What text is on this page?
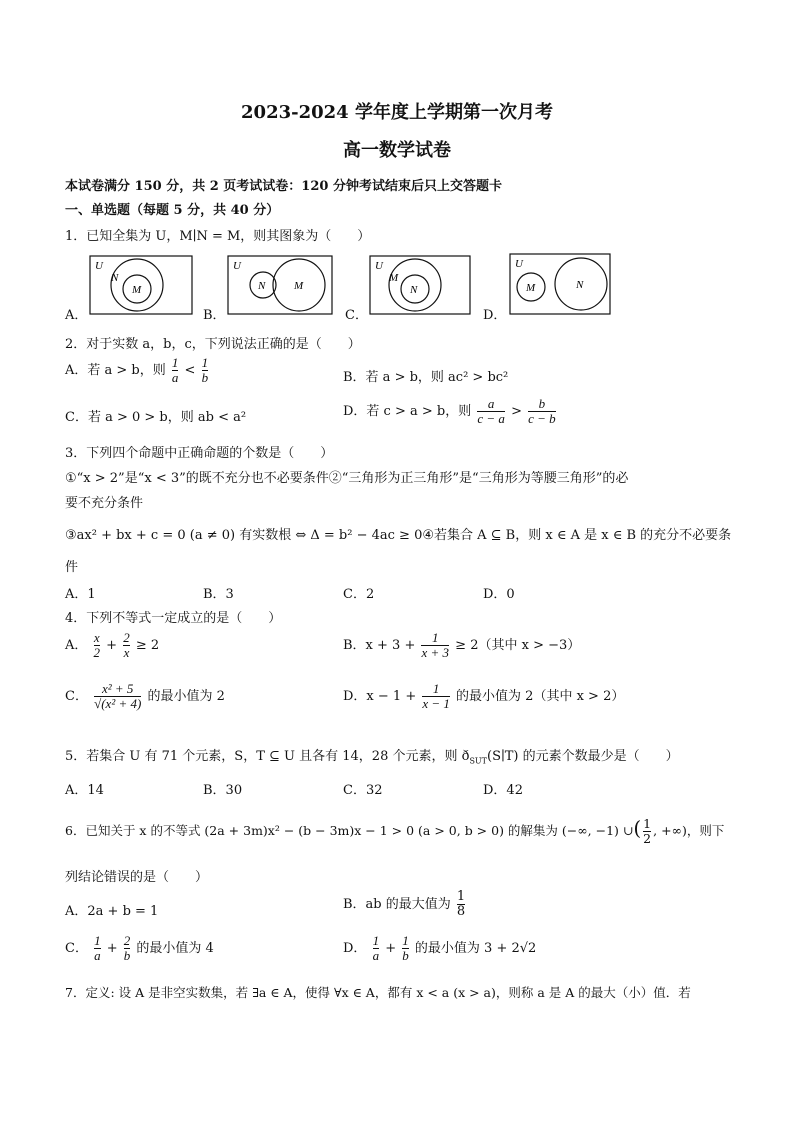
2023-2024 学年度上学期第一次月考
高一数学试卷
本试卷满分 150 分，共 2 页考试试卷：120 分钟考试结束后只上交答题卡
一、单选题（每题 5 分，共 40 分）
1．已知全集为 U，M∣N = M，则其图象为（　　）
A．
U
N
M
B．
U
N	M
C．
U
M
N
D．
U
M	N
2．对于实数 a，b，c，下列说法正确的是（　　）
A．若 a > b，则 $\frac{1}{a} < \frac{1}{b}$	B．若 a > b，则 ac² > bc²
C．若 a > 0 > b，则 ab < a²	D．若 c > a > b，则 $\frac{a}{c - a} > \frac{b}{c - b}$
3．下列四个命题中正确命题的个数是（　　）
①“x > 2”是“x < 3”的既不充分也不必要条件②“三角形为正三角形”是“三角形为等腰三角形”的必
要不充分条件
③ax² + bx + c = 0 (a ≠ 0) 有实数根 ⇔ Δ = b² − 4ac ≥ 0④若集合 A ⊆ B，则 x ∈ A 是 x ∈ B 的充分不必要条
件
A．1	B．3	C．2	D．0
4．下列不等式一定成立的是（　　）
A． $\frac{x}{2} + \frac{2}{x} \ge 2$	B．$x + 3 + \frac{1}{x + 3} \ge 2$（其中 x > −3）
C． $\frac{\text{x² + 5}}{\text{√(x² + 4)}}$ 的最小值为 2	D．$x - 1 + \frac{1}{x - 1}$ 的最小值为 2（其中 x > 2）
5．若集合 U 有 71 个元素，S，T ⊆ U 且各有 14，28 个元素，则 $ð_{SUT}(S∣T)$ 的元素个数最少是（　　）
A．14	B．30	C．32	D．42
6．已知关于 x 的不等式 (2a + 3m)x² − (b − 3m)x − 1 > 0 (a > 0, b > 0) 的解集为 (−∞, −1) ∪( $\frac{1}{2}$ , +∞)，则下
列结论错误的是（　　）
A．2a + b = 1	B．ab 的最大值为 $\frac{1}{8}$
C． $\frac{1}{a} + \frac{2}{b}$ 的最小值为 4	D． $\frac{1}{a} + \frac{1}{b}$ 的最小值为 3 + 2√2
7．定义: 设 A 是非空实数集，若 ∃a ∈ A，使得 ∀x ∈ A，都有 x < a (x > a)，则称 a 是 A 的最大（小）值．若
